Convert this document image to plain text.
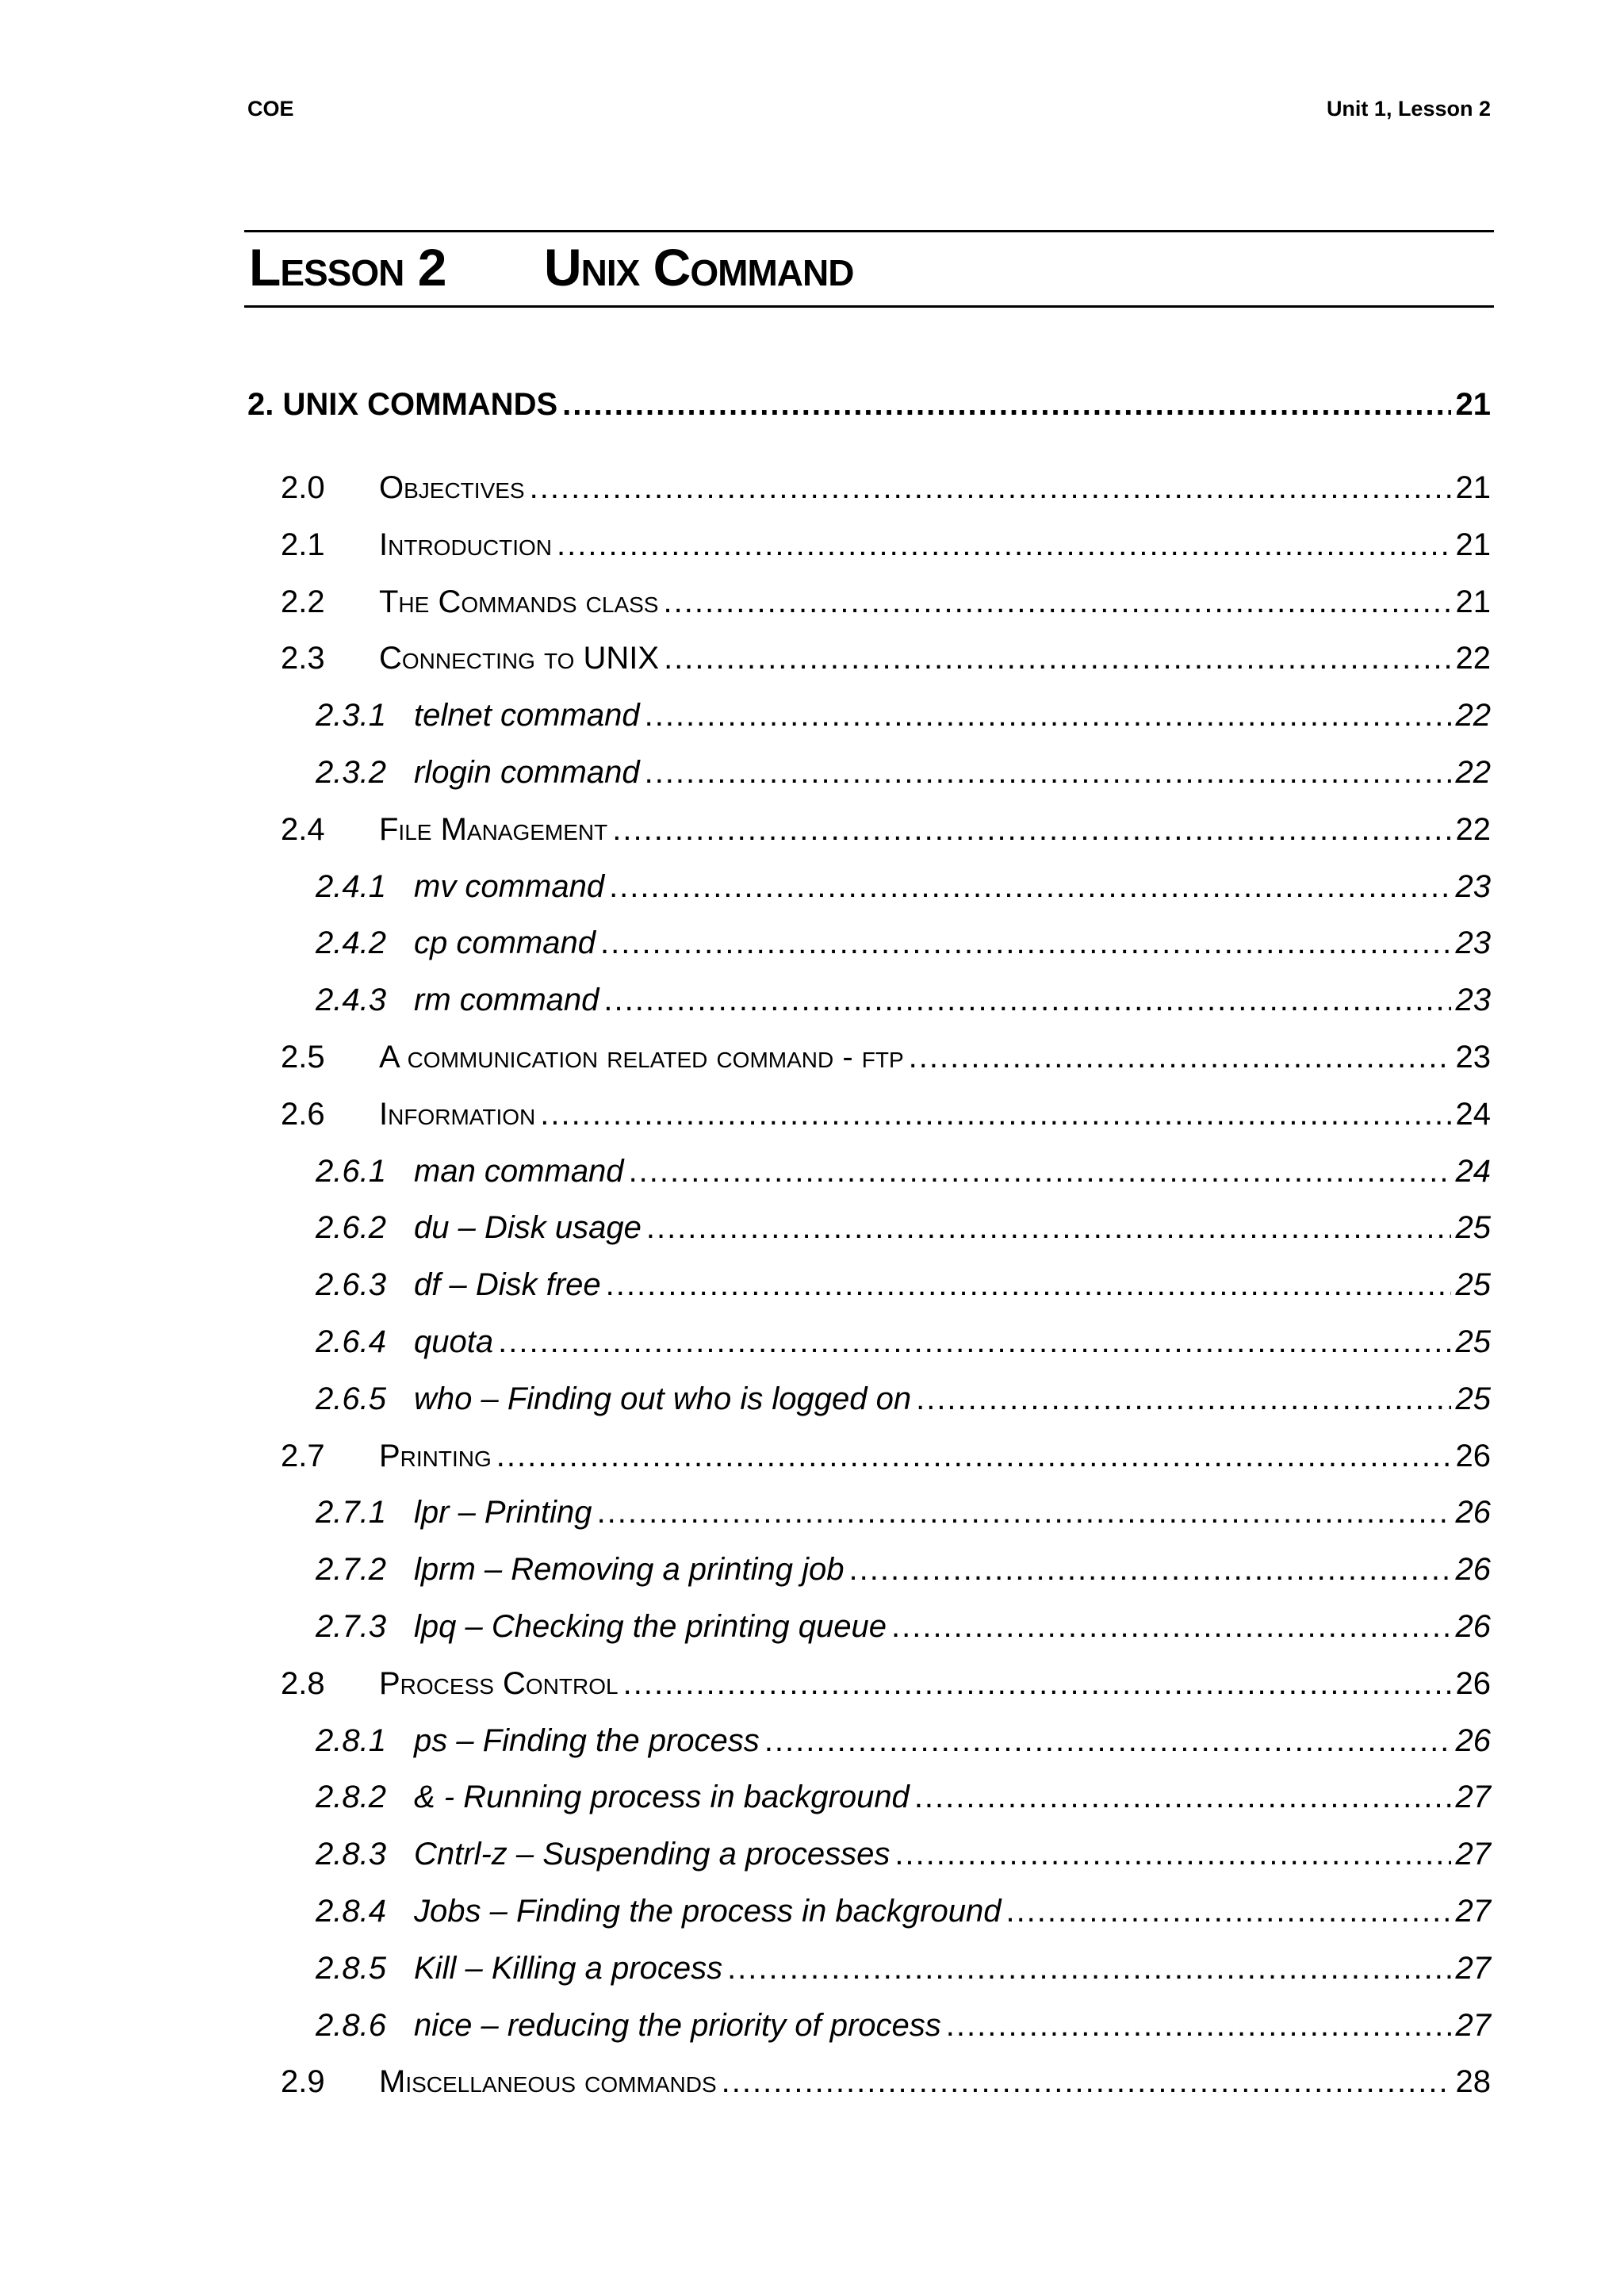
COE	Unit 1, Lesson 2
Lesson 2 Unix Command
2. UNIX COMMANDS .....	21
2.0	Objectives .....	21
2.1	Introduction .....	21
2.2	The Commands class .....	21
2.3	Connecting to UNIX .....	22
2.3.1 telnet command .....	22
2.3.2 rlogin command .....	22
2.4	File Management .....	22
2.4.1 mv command .....	23
2.4.2 cp command .....	23
2.4.3 rm command .....	23
2.5	A communication related command - ftp .....	23
2.6	Information .....	24
2.6.1 man command .....	24
2.6.2 du – Disk usage .....	25
2.6.3 df – Disk free .....	25
2.6.4 quota .....	25
2.6.5 who – Finding out who is logged on .....	25
2.7	Printing .....	26
2.7.1 lpr – Printing .....	26
2.7.2 lprm – Removing a printing job .....	26
2.7.3 lpq – Checking the printing queue .....	26
2.8	Process Control .....	26
2.8.1 ps – Finding the process .....	26
2.8.2 & - Running process in background .....	27
2.8.3 Cntrl-z – Suspending a processes .....	27
2.8.4 Jobs – Finding the process in background .....	27
2.8.5 Kill – Killing a process .....	27
2.8.6 nice – reducing the priority of process .....	27
2.9	Miscellaneous commands .....	28
